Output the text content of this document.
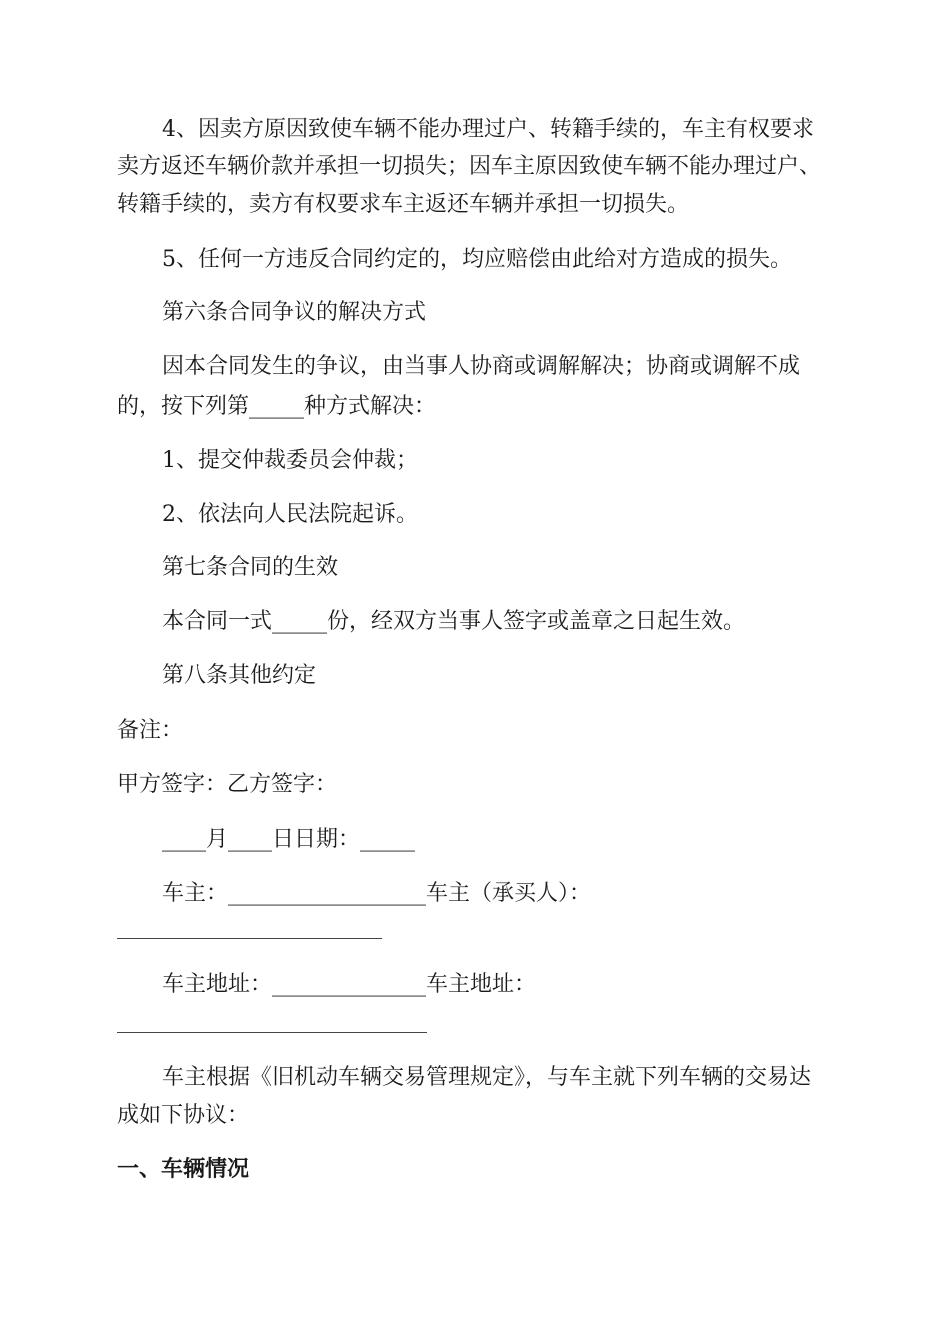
4、因卖方原因致使车辆不能办理过户、转籍手续的，车主有权要求

卖方返还车辆价款并承担一切损失；因车主原因致使车辆不能办理过户、

转籍手续的，卖方有权要求车主返还车辆并承担一切损失。

5、任何一方违反合同约定的，均应赔偿由此给对方造成的损失。

第六条合同争议的解决方式

因本合同发生的争议，由当事人协商或调解解决；协商或调解不成

的，按下列第_____种方式解决：

1、提交仲裁委员会仲裁；

2、依法向人民法院起诉。

第七条合同的生效

本合同一式_____份，经双方当事人签字或盖章之日起生效。

第八条其他约定

备注：

甲方签字：乙方签字：

____月____日日期：_____

车主：__________________车主（承买人）：

车主地址：______________车主地址：

车主根据《旧机动车辆交易管理规定》，与车主就下列车辆的交易达

成如下协议：

一、车辆情况
